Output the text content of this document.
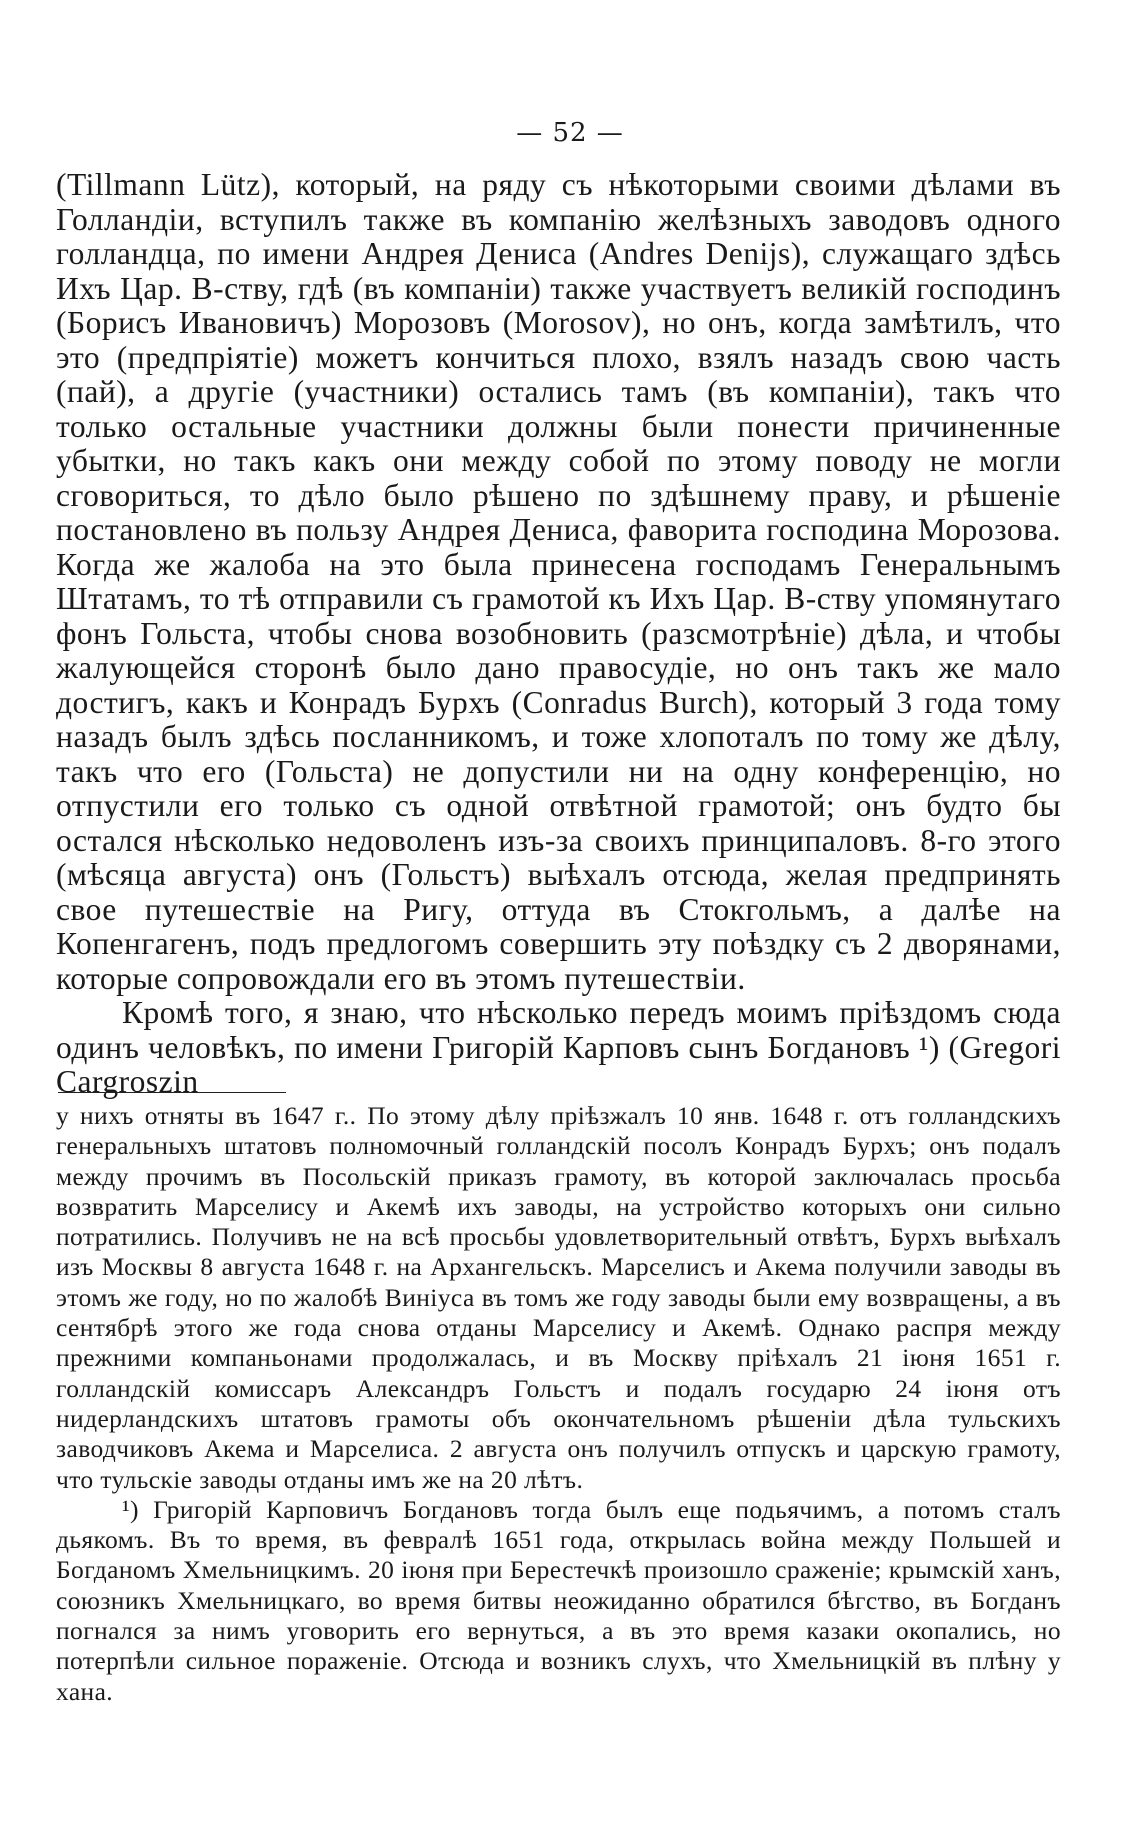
— 52 —

(Tillmann Lütz), который, на ряду съ нѣкоторыми своими дѣлами въ Голландіи, вступилъ также въ компанію желѣзныхъ заводовъ одного голландца, по имени Андрея Дениса (Andres Denijs), служащаго здѣсь Ихъ Цар. В-ству, гдѣ (въ компаніи) также участвуетъ великій господинъ (Борисъ Ивановичъ) Морозовъ (Morosov), но онъ, когда замѣтилъ, что это (предпріятіе) можетъ кончиться плохо, взялъ назадъ свою часть (пай), а другіе (участники) остались тамъ (въ компаніи), такъ что только остальные участники должны были понести причиненные убытки, но такъ какъ они между собой по этому поводу не могли сговориться, то дѣло было рѣшено по здѣшнему праву, и рѣшеніе постановлено въ пользу Андрея Дениса, фаворита господина Морозова. Когда же жалоба на это была принесена господамъ Генеральнымъ Штатамъ, то тѣ отправили съ грамотой къ Ихъ Цар. В-ству упомянутаго фонъ Гольста, чтобы снова возобновить (разсмотрѣніе) дѣла, и чтобы жалующейся сторонѣ было дано правосудіе, но онъ такъ же мало достигъ, какъ и Конрадъ Бурхъ (Conradus Burch), который 3 года тому назадъ былъ здѣсь посланникомъ, и тоже хлопоталъ по тому же дѣлу, такъ что его (Гольста) не допустили ни на одну конференцію, но отпустили его только съ одной отвѣтной грамотой; онъ будто бы остался нѣсколько недоволенъ изъ-за своихъ принципаловъ. 8-го этого (мѣсяца августа) онъ (Гольстъ) выѣхалъ отсюда, желая предпринять свое путешествіе на Ригу, оттуда въ Стокгольмъ, а далѣе на Копенгагенъ, подъ предлогомъ совершить эту поѣздку съ 2 дворянами, которые сопровождали его въ этомъ путешествіи.

Кромѣ того, я знаю, что нѣсколько передъ моимъ пріѣздомъ сюда одинъ человѣкъ, по имени Григорій Карповъ сынъ Богдановъ ¹) (Gregori Cargroszin

у нихъ отняты въ 1647 г.. По этому дѣлу пріѣзжалъ 10 янв. 1648 г. отъ голландскихъ генеральныхъ штатовъ полномочный голландскій посолъ Конрадъ Бурхъ; онъ подалъ между прочимъ въ Посольскій приказъ грамоту, въ которой заключалась просьба возвратить Марселису и Акемѣ ихъ заводы, на устройство которыхъ они сильно потратились. Получивъ не на всѣ просьбы удовлетворительный отвѣтъ, Бурхъ выѣхалъ изъ Москвы 8 августа 1648 г. на Архангельскъ. Марселисъ и Акема получили заводы въ этомъ же году, но по жалобѣ Виніуса въ томъ же году заводы были ему возвращены, а въ сентябрѣ этого же года снова отданы Марселису и Акемѣ. Однако распря между прежними компаньонами продолжалась, и въ Москву пріѣхалъ 21 іюня 1651 г. голландскій комиссаръ Александръ Гольстъ и подалъ государю 24 іюня отъ нидерландскихъ штатовъ грамоты объ окончательномъ рѣшеніи дѣла тульскихъ заводчиковъ Акема и Марселиса. 2 августа онъ получилъ отпускъ и царскую грамоту, что тульскіе заводы отданы имъ же на 20 лѣтъ.

¹) Григорій Карповичъ Богдановъ тогда былъ еще подьячимъ, а потомъ сталъ дьякомъ. Въ то время, въ февралѣ 1651 года, открылась война между Польшей и Богданомъ Хмельницкимъ. 20 іюня при Берестечкѣ произошло сраженіе; крымскій ханъ, союзникъ Хмельницкаго, во время битвы неожиданно обратился бѣгство, въ Богданъ погнался за нимъ уговорить его вернуться, а въ это время казаки окопались, но потерпѣли сильное пораженіе. Отсюда и возникъ слухъ, что Хмельницкій въ плѣну у хана.
